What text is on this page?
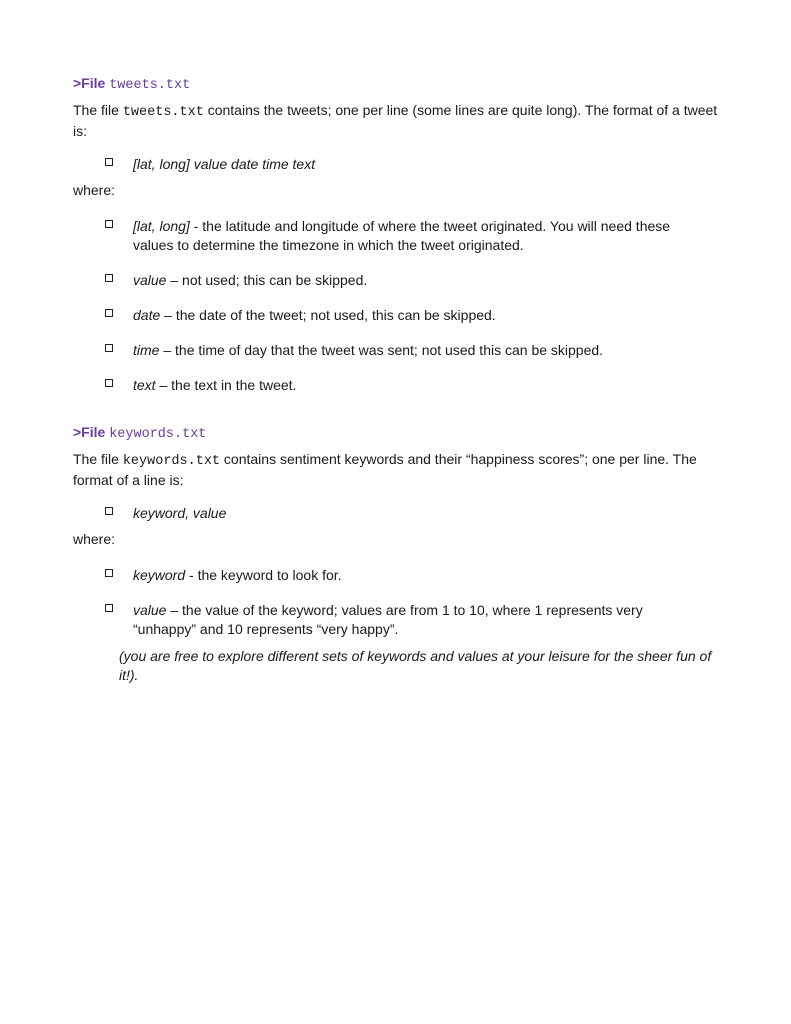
>File tweets.txt
The file tweets.txt contains the tweets; one per line (some lines are quite long). The format of a tweet is:
[lat, long] value date time text
where:
[lat, long] - the latitude and longitude of where the tweet originated. You will need these values to determine the timezone in which the tweet originated.
value – not used; this can be skipped.
date – the date of the tweet; not used, this can be skipped.
time – the time of day that the tweet was sent; not used this can be skipped.
text – the text in the tweet.
>File keywords.txt
The file keywords.txt contains sentiment keywords and their “happiness scores”; one per line. The format of a line is:
keyword, value
where:
keyword - the keyword to look for.
value – the value of the keyword; values are from 1 to 10, where 1 represents very “unhappy” and 10 represents “very happy”.
(you are free to explore different sets of keywords and values at your leisure for the sheer fun of it!).
